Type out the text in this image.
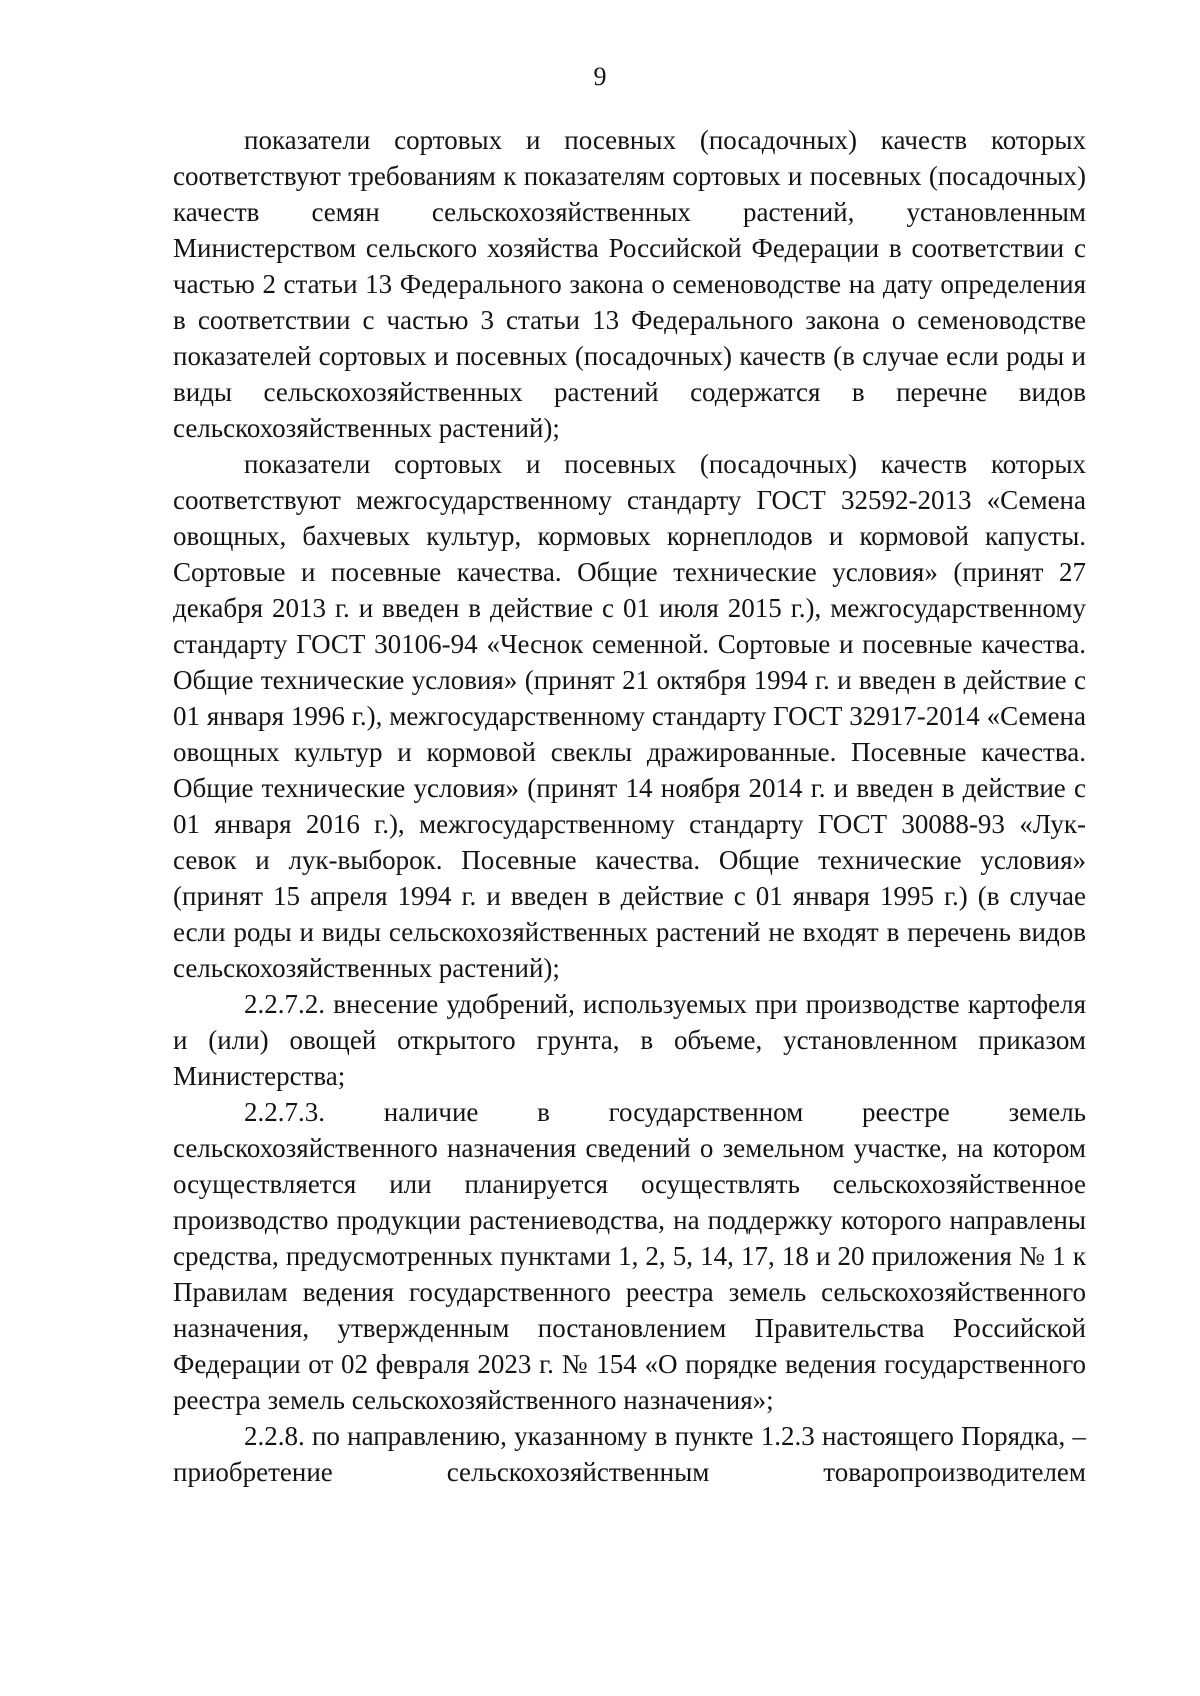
9

показатели сортовых и посевных (посадочных) качеств которых соответствуют требованиям к показателям сортовых и посевных (посадочных) качеств семян сельскохозяйственных растений, установленным Министерством сельского хозяйства Российской Федерации в соответствии с частью 2 статьи 13 Федерального закона о семеноводстве на дату определения в соответствии с частью 3 статьи 13 Федерального закона о семеноводстве показателей сортовых и посевных (посадочных) качеств (в случае если роды и виды сельскохозяйственных растений содержатся в перечне видов сельскохозяйственных растений);

показатели сортовых и посевных (посадочных) качеств которых соответствуют межгосударственному стандарту ГОСТ 32592-2013 «Семена овощных, бахчевых культур, кормовых корнеплодов и кормовой капусты. Сортовые и посевные качества. Общие технические условия» (принят 27 декабря 2013 г. и введен в действие с 01 июля 2015 г.), межгосударственному стандарту ГОСТ 30106-94 «Чеснок семенной. Сортовые и посевные качества. Общие технические условия» (принят 21 октября 1994 г. и введен в действие с 01 января 1996 г.), межгосударственному стандарту ГОСТ 32917-2014 «Семена овощных культур и кормовой свеклы дражированные. Посевные качества. Общие технические условия» (принят 14 ноября 2014 г. и введен в действие с 01 января 2016 г.), межгосударственному стандарту ГОСТ 30088-93 «Лук-севок и лук-выборок. Посевные качества. Общие технические условия» (принят 15 апреля 1994 г. и введен в действие с 01 января 1995 г.) (в случае если роды и виды сельскохозяйственных растений не входят в перечень видов сельскохозяйственных растений);

2.2.7.2. внесение удобрений, используемых при производстве картофеля и (или) овощей открытого грунта, в объеме, установленном приказом Министерства;

2.2.7.3. наличие в государственном реестре земель сельскохозяйственного назначения сведений о земельном участке, на котором осуществляется или планируется осуществлять сельскохозяйственное производство продукции растениеводства, на поддержку которого направлены средства, предусмотренных пунктами 1, 2, 5, 14, 17, 18 и 20 приложения № 1 к Правилам ведения государственного реестра земель сельскохозяйственного назначения, утвержденным постановлением Правительства Российской Федерации от 02 февраля 2023 г. № 154 «О порядке ведения государственного реестра земель сельскохозяйственного назначения»;

2.2.8. по направлению, указанному в пункте 1.2.3 настоящего Порядка, – приобретение сельскохозяйственным товаропроизводителем
